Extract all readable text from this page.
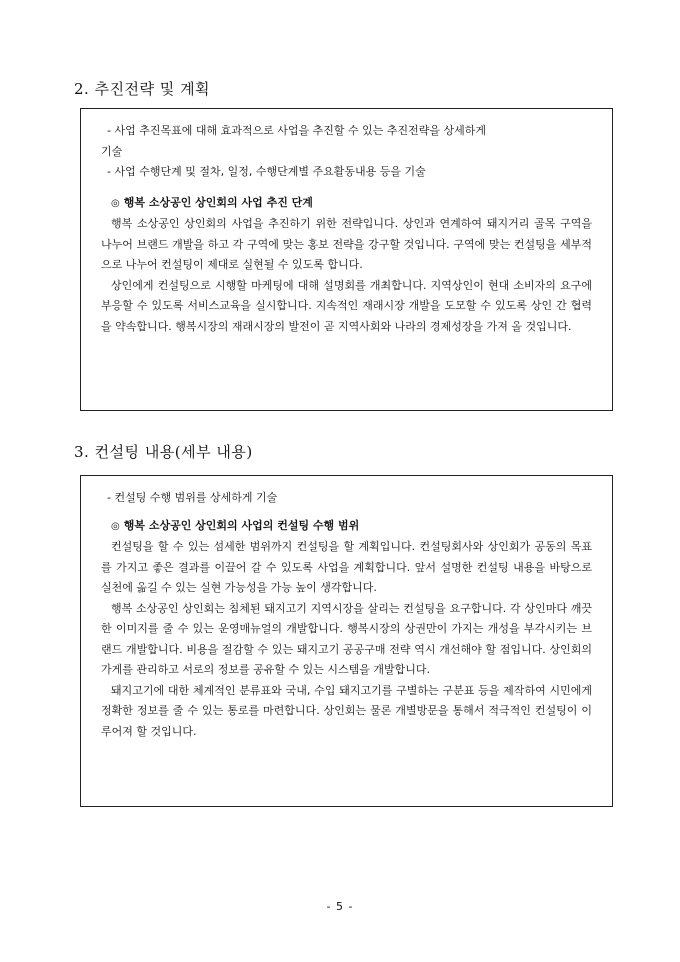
2. 추진전략 및 계획

- 사업 추진목표에 대해 효과적으로 사업을 추진할 수 있는 추진전략을 상세하게

기술

- 사업 수행단계 및 절차, 일정, 수행단계별 주요활동내용 등을 기술

◎ 행복 소상공인 상인회의 사업 추진 단계

행복 소상공인 상인회의 사업을 추진하기 위한 전략입니다. 상인과 연계하여 돼지거리 골목 구역을 나누어 브랜드 개발을 하고 각 구역에 맞는 홍보 전략을 강구할 것입니다. 구역에 맞는 컨설팅을 세부적으로 나누어 컨설팅이 제대로 실현될 수 있도록 합니다.

상인에게 컨설팅으로 시행할 마케팅에 대해 설명회를 개최합니다. 지역상인이 현대 소비자의 요구에 부응할 수 있도록 서비스교육을 실시합니다. 지속적인 재래시장 개발을 도모할 수 있도록 상인 간 협력을 약속합니다. 행복시장의 재래시장의 발전이 곧 지역사회와 나라의 경제성장을 가져 올 것입니다.

3. 컨설팅 내용(세부 내용)

- 컨설팅 수행 범위를 상세하게 기술

◎ 행복 소상공인 상인회의 사업의 컨설팅 수행 범위

컨설팅을 할 수 있는 섬세한 범위까지 컨설팅을 할 계획입니다. 컨설팅회사와 상인회가 공동의 목표를 가지고 좋은 결과를 이끌어 갈 수 있도록 사업을 계획합니다. 앞서 설명한 컨설팅 내용을 바탕으로 실천에 옮길 수 있는 실현 가능성을 가능 높이 생각합니다.

행복 소상공인 상인회는 침체된 돼지고기 지역시장을 살리는 컨설팅을 요구합니다. 각 상인마다 깨끗한 이미지를 줄 수 있는 운영매뉴얼의 개발합니다. 행복시장의 상권만이 가지는 개성을 부각시키는 브랜드 개발합니다. 비용을 절감할 수 있는 돼지고기 공공구매 전략 역시 개선해야 할 점입니다. 상인회의 가게를 관리하고 서로의 정보를 공유할 수 있는 시스템을 개발합니다.

돼지고기에 대한 체계적인 분류표와 국내, 수입 돼지고기를 구별하는 구분표 등을 제작하여 시민에게 정확한 정보를 줄 수 있는 통로를 마련합니다. 상인회는 물론 개별방문을 통해서 적극적인 컨설팅이 이루어져 할 것입니다.

- 5 -
